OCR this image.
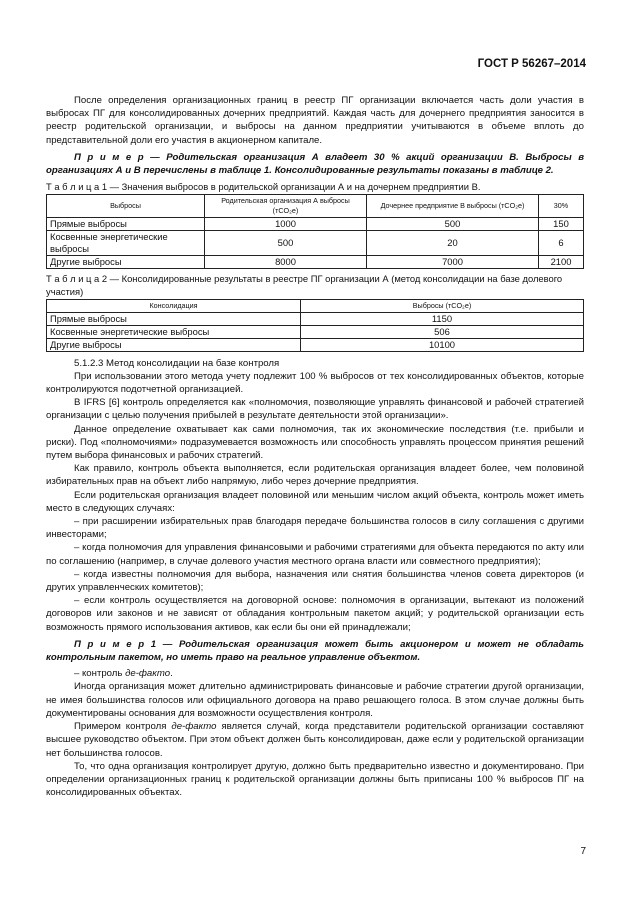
ГОСТ Р 56267–2014

После определения организационных границ в реестр ПГ организации включается часть доли участия в выбросах ПГ для консолидированных дочерних предприятий. Каждая часть для дочернего предприятия заносится в реестр родительской организации, и выбросы на данном предприятии учитываются в объеме вплоть до представительной доли его участия в акционерном капитале.

П р и м е р — Родительская организация А владеет 30 % акций организации В. Выбросы в организациях А и В перечислены в таблице 1. Консолидированные результаты показаны в таблице 2.

Т а б л и ц а 1 — Значения выбросов в родительской организации А и на дочернем предприятии В.
Выбросы	Родительская организация А выбросы (тCO₂е)	Дочернее предприятие В выбросы (тCO₂е)	30%
Прямые выбросы	1000	500	150
Косвенные энергетические выбросы	500	20	6
Другие выбросы	8000	7000	2100
Т а б л и ц а 2 — Консолидированные результаты в реестре ПГ организации А (метод консолидации на базе долевого участия)
Консолидация	Выбросы (тCO₂е)
Прямые выбросы	1150
Косвенные энергетические выбросы	506
Другие выбросы	10100

5.1.2.3 Метод консолидации на базе контроля

При использовании этого метода учету подлежит 100 % выбросов от тех консолидированных объектов, которые контролируются подотчетной организацией.

В IFRS [6] контроль определяется как «полномочия, позволяющие управлять финансовой и рабочей стратегией организации с целью получения прибылей в результате деятельности этой организации».

Данное определение охватывает как сами полномочия, так их экономические последствия (т.е. прибыли и риски). Под «полномочиями» подразумевается возможность или способность управлять процессом принятия решений путем выбора финансовых и рабочих стратегий.

Как правило, контроль объекта выполняется, если родительская организация владеет более, чем половиной избирательных прав на объект либо напрямую, либо через дочерние предприятия.

Если родительская организация владеет половиной или меньшим числом акций объекта, контроль может иметь место в следующих случаях:

– при расширении избирательных прав благодаря передаче большинства голосов в силу соглашения с другими инвесторами;

– когда полномочия для управления финансовыми и рабочими стратегиями для объекта передаются по акту или по соглашению (например, в случае долевого участия местного органа власти или совместного предприятия);

– когда известны полномочия для выбора, назначения или снятия большинства членов совета директоров (и других управленческих комитетов);

– если контроль осуществляется на договорной основе: полномочия в организации, вытекают из положений договоров или законов и не зависят от обладания контрольным пакетом акций; у родительской организации есть возможность прямого использования активов, как если бы они ей принадлежали;

П р и м е р 1 — Родительская организация может быть акционером и может не обладать контрольным пакетом, но иметь право на реальное управление объектом.

– контроль де-факто.

Иногда организация может длительно администрировать финансовые и рабочие стратегии другой организации, не имея большинства голосов или официального договора на право решающего голоса. В этом случае должны быть документированы основания для возможности осуществления контроля.

Примером контроля де-факто является случай, когда представители родительской организации составляют высшее руководство объектом. При этом объект должен быть консолидирован, даже если у родительской организации нет большинства голосов.

То, что одна организация контролирует другую, должно быть предварительно известно и документировано. При определении организационных границ к родительской организации должны быть приписаны 100 % выбросов ПГ на консолидированных объектах.

7
